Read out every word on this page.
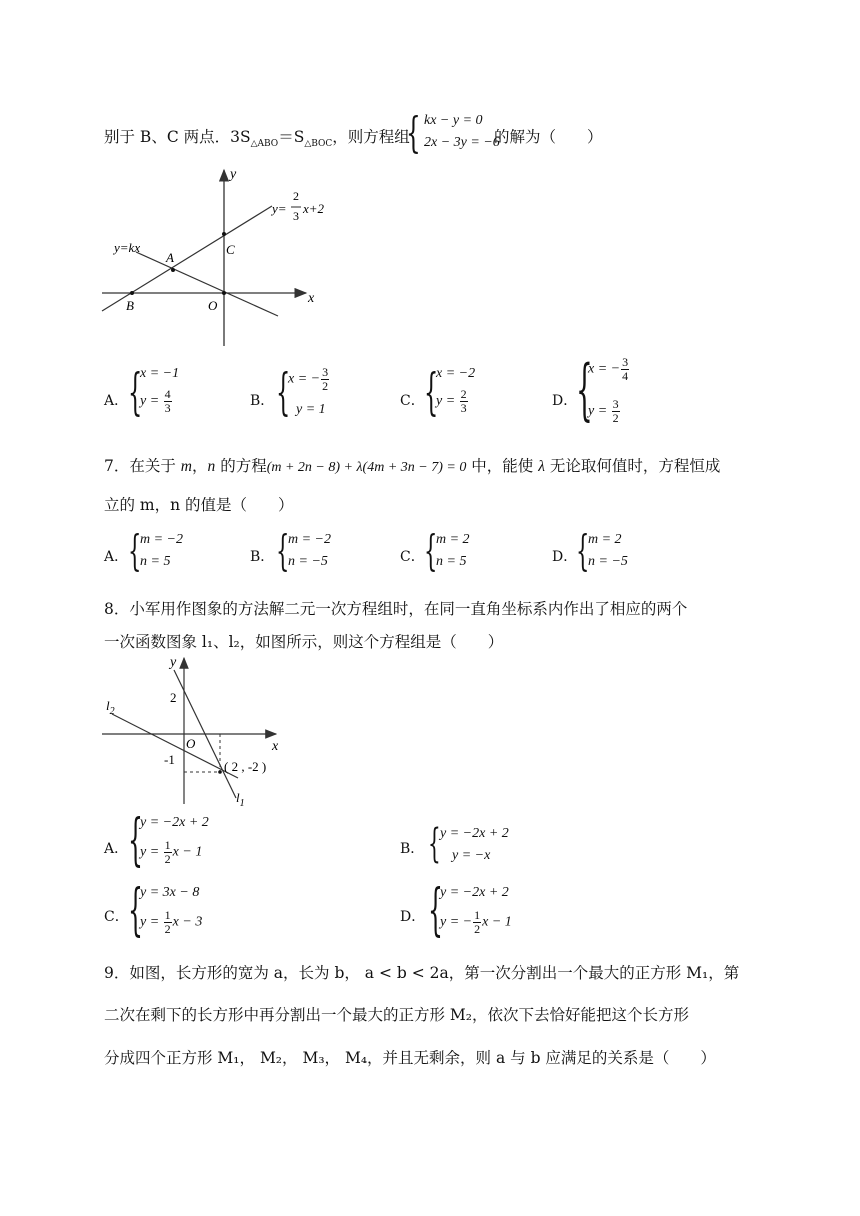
别于 B、C 两点．$3S_{\triangle ABO}=S_{\triangle BOC}$，则方程组
{ kx − y = 0
2x − 3y = −6
的解为（　　）
y
x
y=kx
y=
2
3 x+2
A
B
C
O
A． {
x = −1
$y = \frac{4}{3}$	B． {
x = − $\frac{3}{2}$
y = 1
C． {
x = −2
$y = \frac{2}{3}$	D．
{
x = − $\frac{3}{4}$
$y = \frac{3}{2}$
7．在关于 m，n 的方程(m + 2n − 8) + λ(4m + 3n − 7) = 0 中，能使 λ 无论取何值时，方程恒成
立的 m，n 的值是（　　）
A． {
m = −2
n = 5	B． {
m = −2
n = −5	C． {
m = 2
n = 5	D．
{
m = 2
n = −5
8．小军用作图象的方法解二元一次方程组时，在同一直角坐标系内作出了相应的两个
一次函数图象 l₁、l₂，如图所示，则这个方程组是（　　）
y
x
2
-1
O
( 2 , -2 )
$l_2$
$l_1$
A． {
y = −2x + 2
$y = \frac{1}{2}$ x − 1	B． { y = −2x + 2
y = −x
C． {
y = 3x − 8
$y = \frac{1}{2}$ x − 3	D． {
y = −2x + 2
y = − $\frac{1}{2}$ x − 1
9．如图，长方形的宽为 a，长为 b， a < b < 2a，第一次分割出一个最大的正方形 M₁，第
二次在剩下的长方形中再分割出一个最大的正方形 M₂，依次下去恰好能把这个长方形
分成四个正方形 M₁， M₂， M₃， M₄，并且无剩余，则 a 与 b 应满足的关系是（　　）
